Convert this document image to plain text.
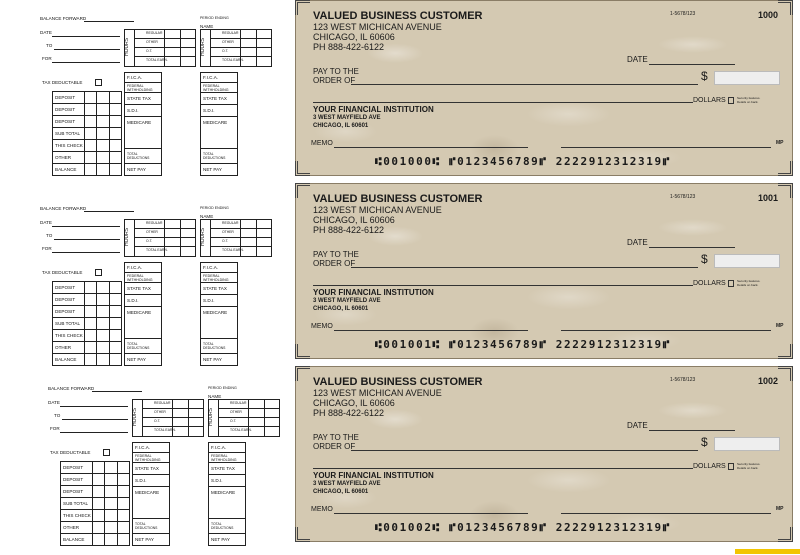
BALANCE FORWARD
DATE
TO
FOR
HOURS
REGULAR
OTHER
O.T.
TOTAL EARN.
PERIOD ENDING
NAME
HOURS
REGULAR
OTHER
O.T.
TOTAL EARN.
TAX DEDUCTABLE
DEPOSIT
DEPOSIT
DEPOSIT
SUB TOTAL
THIS CHECK
OTHER
BALANCE
F.I.C.A.
FEDERAL WITHHOLDING
STATE TAX
S.D.I.
MEDICARE
TOTAL DEDUCTIONS
NET PAY
F.I.C.A.
FEDERAL WITHHOLDING
STATE TAX
S.D.I.
MEDICARE
TOTAL DEDUCTIONS
NET PAY
BALANCE FORWARD
DATE
TO
FOR
HOURS
REGULAR
OTHER
O.T.
TOTAL EARN.
PERIOD ENDING
NAME
HOURS
REGULAR
OTHER
O.T.
TOTAL EARN.
TAX DEDUCTABLE
DEPOSIT
DEPOSIT
DEPOSIT
SUB TOTAL
THIS CHECK
OTHER
BALANCE
F.I.C.A.
FEDERAL WITHHOLDING
STATE TAX
S.D.I.
MEDICARE
TOTAL DEDUCTIONS
NET PAY
F.I.C.A.
FEDERAL WITHHOLDING
STATE TAX
S.D.I.
MEDICARE
TOTAL DEDUCTIONS
NET PAY
BALANCE FORWARD
DATE
TO
FOR
HOURS
REGULAR
OTHER
O.T.
TOTAL EARN.
PERIOD ENDING
NAME
HOURS
REGULAR
OTHER
O.T.
TOTAL EARN.
TAX DEDUCTABLE
DEPOSIT
DEPOSIT
DEPOSIT
SUB TOTAL
THIS CHECK
OTHER
BALANCE
F.I.C.A.
FEDERAL WITHHOLDING
STATE TAX
S.D.I.
MEDICARE
TOTAL DEDUCTIONS
NET PAY
F.I.C.A.
FEDERAL WITHHOLDING
STATE TAX
S.D.I.
MEDICARE
TOTAL DEDUCTIONS
NET PAY
VALUED BUSINESS CUSTOMER
123 WEST MICHICAN AVENUE
CHICAGO, IL 60606
PH 888-422-6122
1-5678/123	1000
DATE
PAY TO THE
ORDER OF	$
DOLLARS	Security features. Details on back.
YOUR FINANCIAL INSTITUTION
3 WEST MAYFIELD AVE
CHICAGO, IL 60601
MEMO	MP
⑆001000⑆ ⑈0123456789⑈ 2222912312319⑈
VALUED BUSINESS CUSTOMER
123 WEST MICHICAN AVENUE
CHICAGO, IL 60606
PH 888-422-6122
1-5678/123	1001
DATE
PAY TO THE
ORDER OF	$
DOLLARS	Security features. Details on back.
YOUR FINANCIAL INSTITUTION
3 WEST MAYFIELD AVE
CHICAGO, IL 60601
MEMO	MP
⑆001001⑆ ⑈0123456789⑈ 2222912312319⑈
VALUED BUSINESS CUSTOMER
123 WEST MICHICAN AVENUE
CHICAGO, IL 60606
PH 888-422-6122
1-5678/123	1002
DATE
PAY TO THE
ORDER OF	$
DOLLARS	Security features. Details on back.
YOUR FINANCIAL INSTITUTION
3 WEST MAYFIELD AVE
CHICAGO, IL 60601
MEMO	MP
⑆001002⑆ ⑈0123456789⑈ 2222912312319⑈
